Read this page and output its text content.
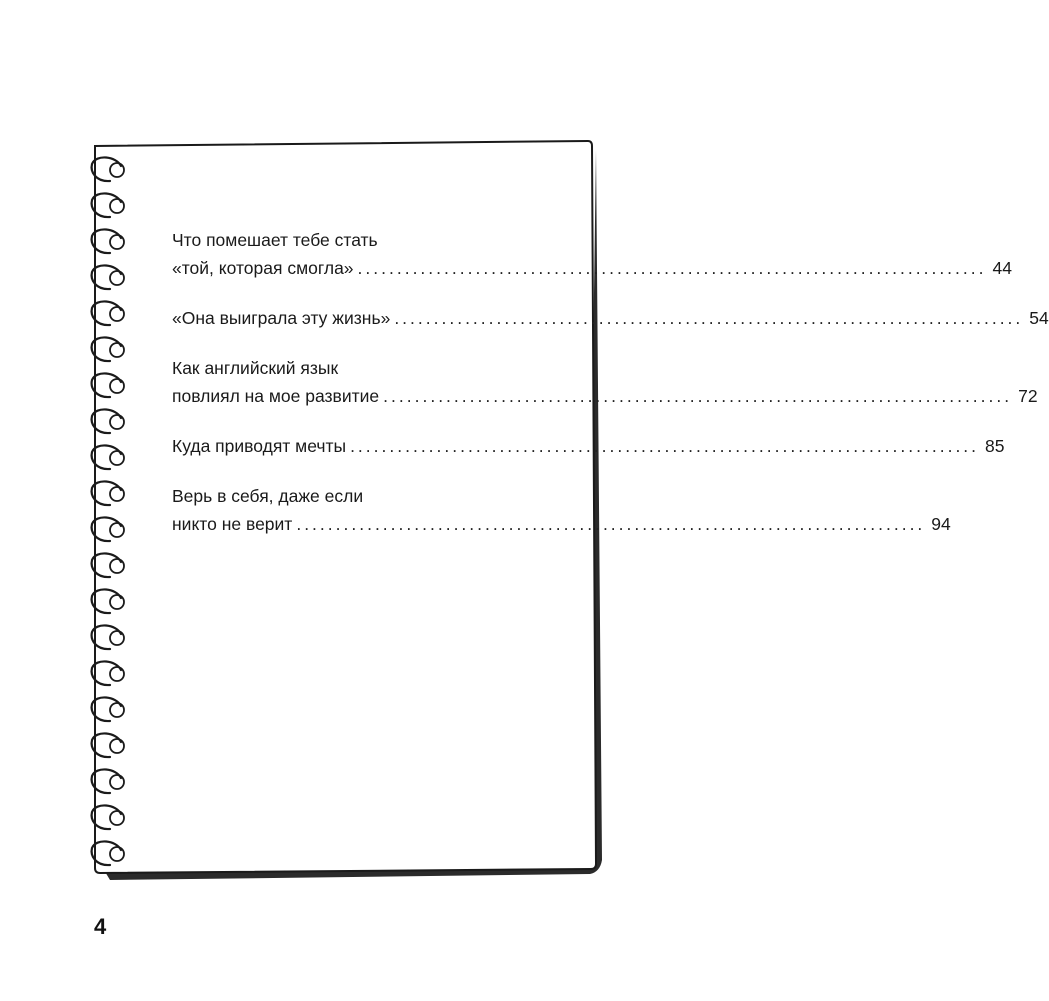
Что помешает тебе стать
«той, которая смогла» ................................................................................ 44
«Она выиграла эту жизнь» ................................................................................ 54
Как английский язык
повлиял на мое развитие ................................................................................ 72
Куда приводят мечты ................................................................................ 85
Верь в себя, даже если
никто не верит ................................................................................ 94
4
